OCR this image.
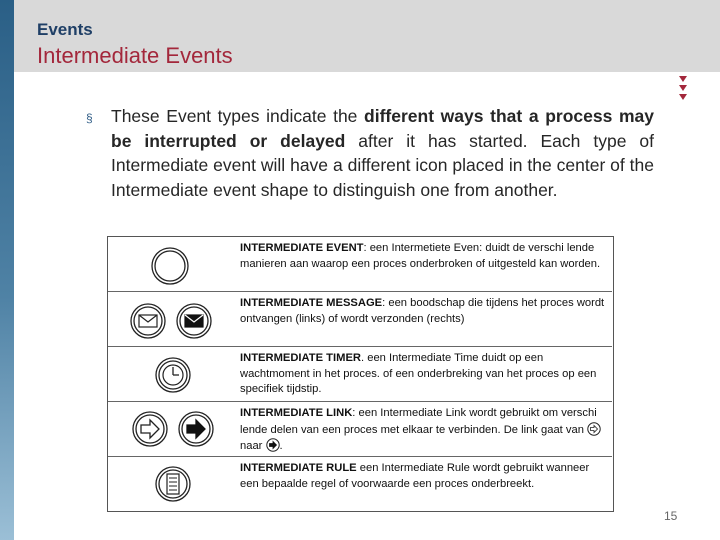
Events
Intermediate Events
§ These Event types indicate the different ways that a process may be interrupted or delayed after it has started. Each type of Intermediate event will have a different icon placed in the center of the Intermediate event shape to distinguish one from another.
INTERMEDIATE EVENT: een Intermetiete Even: duidt de verschi lende manieren aan waarop een proces onderbroken of uitgesteld kan worden.
INTERMEDIATE MESSAGE: een boodschap die tijdens het proces wordt ontvangen (links) of wordt verzonden (rechts)
INTERMEDIATE TIMER. een Intermediate Time duidt op een wachtmoment in het proces. of een onderbreking van het proces op een specifiek tijdstip.
INTERMEDIATE LINK: een Intermediate Link wordt gebruikt om verschi lende delen van een proces met elkaar te verbinden. De link gaat van  naar .
INTERMEDIATE RULE een Intermediate Rule wordt gebruikt wanneer een bepaalde regel of voorwaarde een proces onderbreekt.
15
